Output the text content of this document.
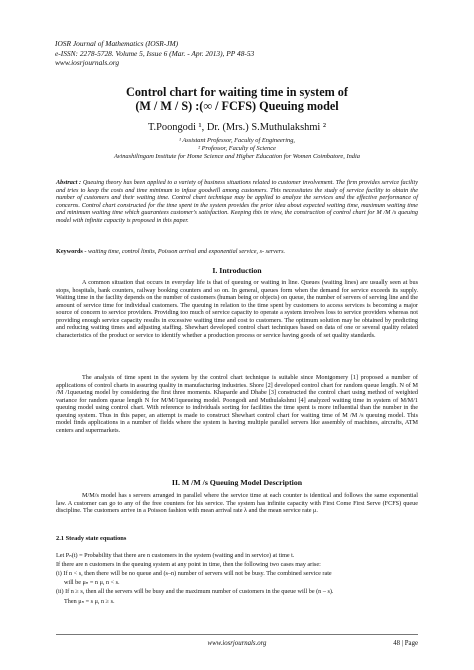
IOSR Journal of Mathematics (IOSR-JM)
e-ISSN: 2278-5728. Volume 5, Issue 6 (Mar. - Apr. 2013), PP 48-53
www.iosrjournals.org
Control chart for waiting time in system of
(M / M / S) :(∞ / FCFS) Queuing model
T.Poongodi ¹, Dr. (Mrs.) S.Muthulakshmi ²
¹ Assistant Professor, Faculty of Engineering,
² Professor, Faculty of Science
Avinashilingam Institute for Home Science and Higher Education for Women Coimbatore, India
Abstract : Queuing theory has been applied to a variety of business situations related to customer involvement. The firm provides service facility and tries to keep the costs and time minimum to infuse goodwill among customers. This necessitates the study of service facility to obtain the number of customers and their waiting time. Control chart technique may be applied to analyze the services and the effective performance of concerns. Control chart constructed for the time spent in the system provides the prior idea about expected waiting time, maximum waiting time and minimum waiting time which guarantees customer's satisfaction. Keeping this in view, the construction of control chart for M /M /s queuing model with infinite capacity is proposed in this paper.
Keywords - waiting time, control limits, Poisson arrival and exponential service, s- servers.
I. Introduction

A common situation that occurs in everyday life is that of queuing or waiting in line. Queues (waiting lines) are usually seen at bus stops, hospitals, bank counters, railway booking counters and so on. In general, queues form when the demand for service exceeds its supply. Waiting time in the facility depends on the number of customers (human being or objects) on queue, the number of servers of serving line and the amount of service time for individual customers. The queuing in relation to the time spent by customers to access services is becoming a major source of concern to service providers. Providing too much of service capacity to operate a system involves loss to service providers whereas not providing enough service capacity results in excessive waiting time and cost to customers. The optimum solution may be obtained by predicting and reducing waiting times and adjusting staffing. Shewhart developed control chart techniques based on data of one or several quality related characteristics of the product or service to identify whether a production process or service having goods of set quality standards.

The analysis of time spent in the system by the control chart technique is suitable since Montgomery [1] proposed a number of applications of control charts in assuring quality in manufacturing industries. Shore [2] developed control chart for random queue length. N of M /M /1queueing model by considering the first three moments. Khaparde and Dhabe [3] constructed the control chart using method of weighted variance for random queue length N for M/M/1queueing model. Poongodi and Muthulakshmi [4] analyzed waiting time in system of M/M/1 queuing model using control chart. With reference to individuals sorting for facilities the time spent is more influential than the number in the queuing system. Thus in this paper, an attempt is made to construct Shewhart control chart for waiting time of M /M /s queuing model. This model finds applications in a number of fields where the system is having multiple parallel servers like assembly of machines, aircrafts, ATM centers and supermarkets.

II. M /M /s Queuing Model Description

M/M/s model has s servers arranged in parallel where the service time at each counter is identical and follows the same exponential law. A customer can go to any of the free counters for his service. The system has infinite capacity with First Come First Serve (FCFS) queue discipline. The customers arrive in a Poisson fashion with mean arrival rate λ and the mean service rate μ.

2.1 Steady state equations
Let Pₙ(t) = Probability that there are n customers in the system (waiting and in service) at time t.
If there are n customers in the queuing system at any point in time, then the following two cases may arise:
(i) If n < s, then there will be no queue and (s–n) number of servers will not be busy. The combined service rate
will be μₙ = n μ, n < s.
(ii) If n ≥ s, then all the servers will be busy and the maximum number of customers in the queue will be (n – s).
Then μₙ = s μ, n ≥ s.
www.iosrjournals.org	48 | Page
